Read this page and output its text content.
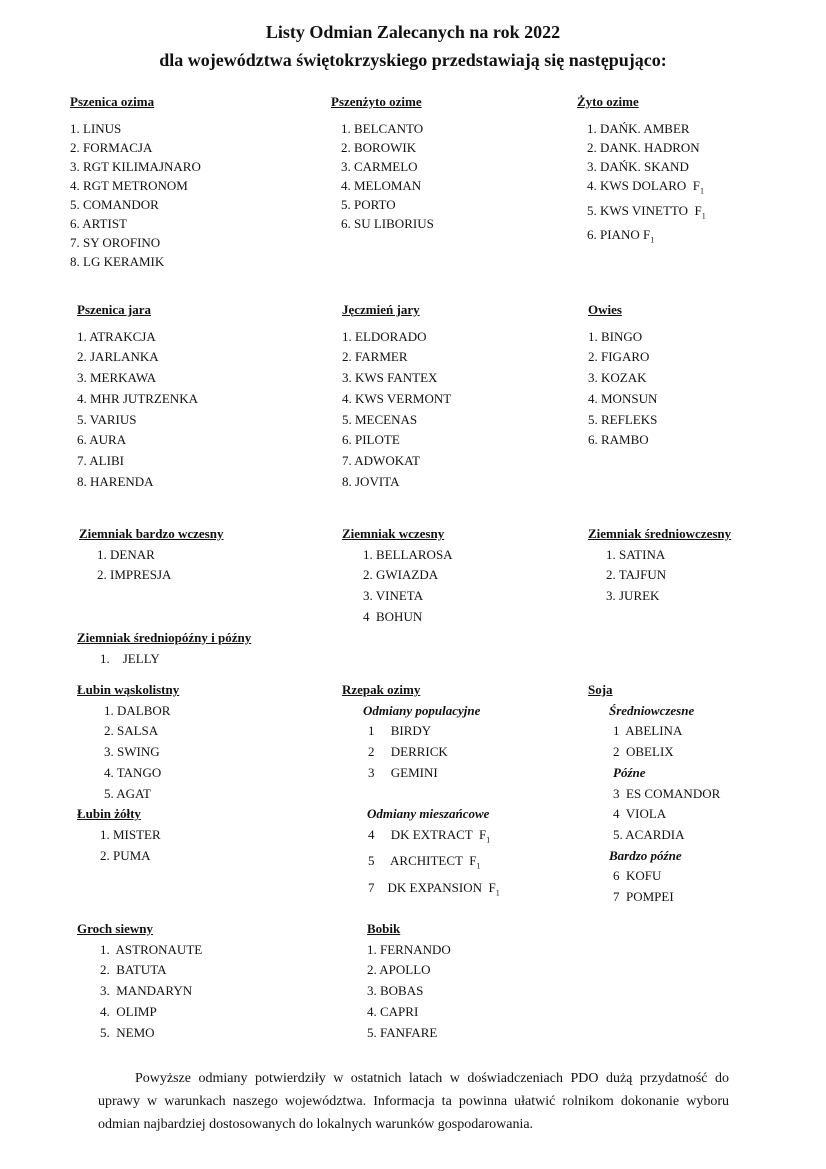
Listy Odmian Zalecanych na rok 2022
dla województwa świętokrzyskiego przedstawiają się następująco:
Pszenica ozima
1. LINUS
2. FORMACJA
3. RGT KILIMAJNARO
4. RGT METRONOM
5. COMANDOR
6. ARTIST
7. SY OROFINO
8. LG KERAMIK
Pszenżyto ozime
1. BELCANTO
2. BOROWIK
3. CARMELO
4. MELOMAN
5. PORTO
6. SU LIBORIUS
Żyto ozime
1. DAŃK. AMBER
2. DANK. HADRON
3. DAŃK. SKAND
4. KWS DOLARO  $F_1$
5. KWS VINETTO  $F_1$
6. PIANO $F_1$
Pszenica jara
1. ATRAKCJA
2. JARLANKA
3. MERKAWA
4. MHR JUTRZENKA
5. VARIUS
6. AURA
7. ALIBI
8. HARENDA
Jęczmień jary
1. ELDORADO
2. FARMER
3. KWS FANTEX
4. KWS VERMONT
5. MECENAS
6. PILOTE
7. ADWOKAT
8. JOVITA
Owies
1. BINGO
2. FIGARO
3. KOZAK
4. MONSUN
5. REFLEKS
6. RAMBO
Ziemniak bardzo wczesny
1. DENAR
2. IMPRESJA
Ziemniak wczesny
1. BELLAROSA
2. GWIAZDA
3. VINETA
4  BOHUN
Ziemniak średniowczesny
1. SATINA
2. TAJFUN
3. JUREK
Ziemniak średniopóźny i późny
1.    JELLY
Łubin wąskolistny
1. DALBOR
2. SALSA
3. SWING
4. TANGO
5. AGAT
Łubin żółty
1. MISTER
2. PUMA
Rzepak ozimy
Odmiany populacyjne
1     BIRDY
2     DERRICK
3     GEMINI
Odmiany mieszańcowe
4     DK EXTRACT  $F_1$
5     ARCHITECT  $F_1$
7    DK EXPANSION  $F_1$
Soja
Średniowczesne
1  ABELINA
2  OBELIX
Późne
3  ES COMANDOR
4  VIOLA
5. ACARDIA
Bardzo późne
6  KOFU
7  POMPEI
Groch siewny
1.  ASTRONAUTE
2.  BATUTA
3.  MANDARYN
4.  OLIMP
5.  NEMO
Bobik
1. FERNANDO
2. APOLLO
3. BOBAS
4. CAPRI
5. FANFARE
Powyższe odmiany potwierdziły w ostatnich latach w doświadczeniach PDO dużą przydatność do uprawy w warunkach naszego województwa. Informacja ta powinna ułatwić rolnikom dokonanie wyboru odmian najbardziej dostosowanych do lokalnych warunków gospodarowania.
